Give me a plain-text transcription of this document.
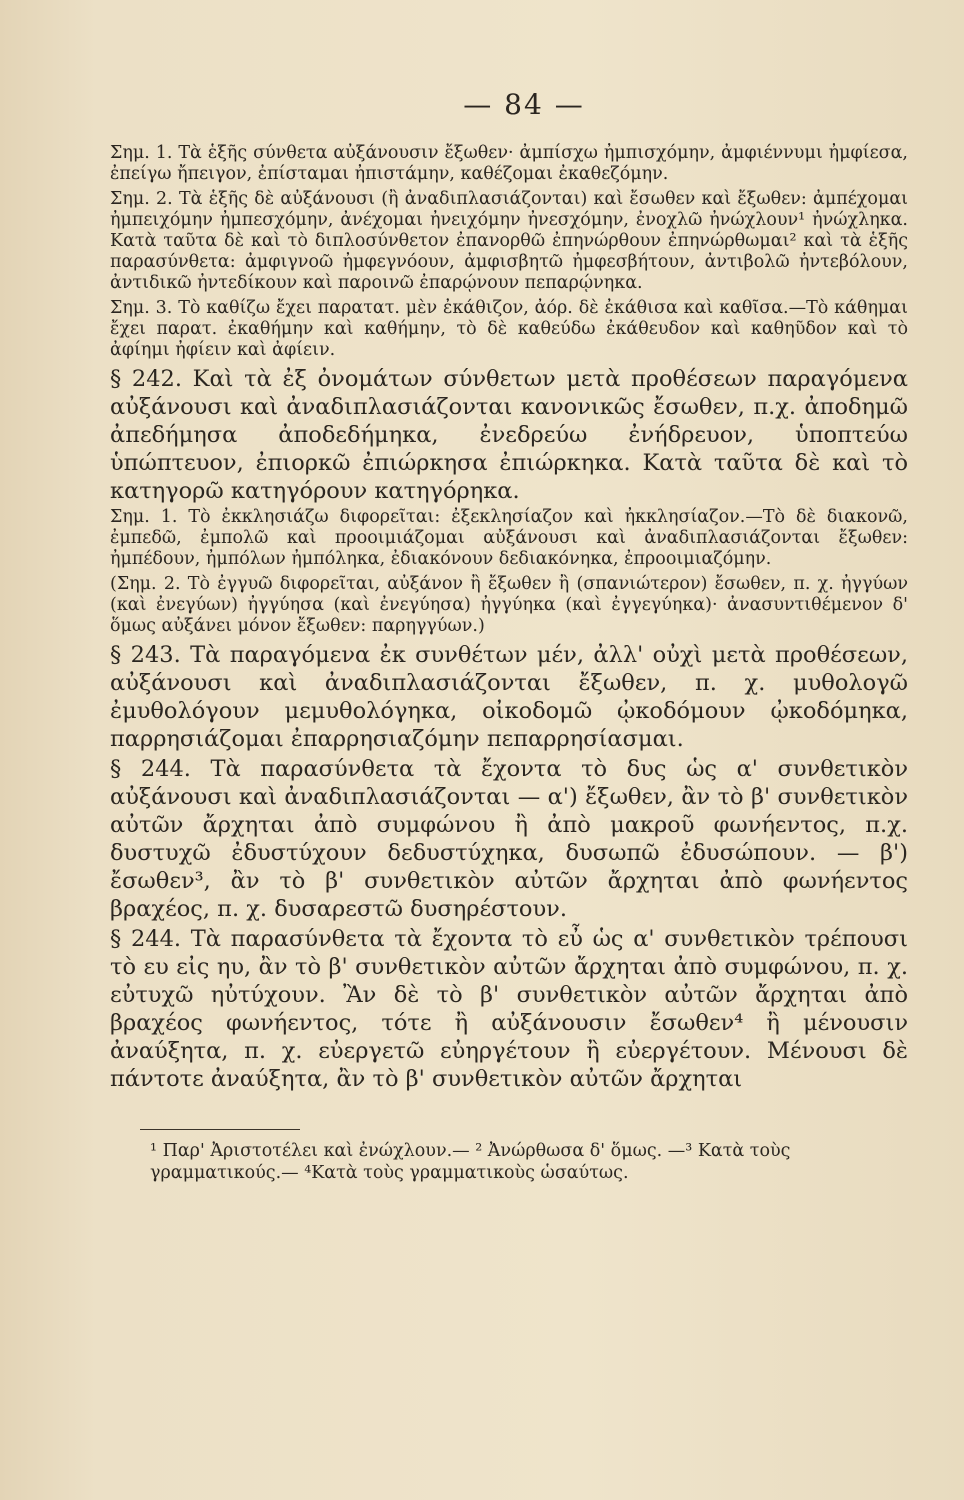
— 84 —

Σημ. 1. Τὰ ἑξῆς σύνθετα αὐξάνουσιν ἔξωθεν· ἀμπίσχω ἠμπισχόμην, ἀμφιέννυμι ἠμφίεσα, ἐπείγω ἤπειγον, ἐπίσταμαι ἠπιστάμην, καθέζομαι ἐκαθεζόμην.

Σημ. 2. Τὰ ἑξῆς δὲ αὐξάνουσι (ἢ ἀναδιπλασιάζονται) καὶ ἔσωθεν καὶ ἔξωθεν: ἀμπέχομαι ἠμπειχόμην ἠμπεσχόμην, ἀνέχομαι ἠνειχόμην ἠνεσχόμην, ἐνοχλῶ ἠνώχλουν¹ ἠνώχληκα. Κατὰ ταῦτα δὲ καὶ τὸ διπλοσύνθετον ἐπανορθῶ ἐπηνώρθουν ἐπηνώρθωμαι² καὶ τὰ ἑξῆς παρασύνθετα: ἀμφιγνοῶ ἠμφεγνόουν, ἀμφισβητῶ ἠμφεσβήτουν, ἀντιβολῶ ἠντεβόλουν, ἀντιδικῶ ἠντεδίκουν καὶ παροινῶ ἐπαρῴνουν πεπαρῴνηκα.

Σημ. 3. Τὸ καθίζω ἔχει παρατατ. μὲν ἐκάθιζον, ἀόρ. δὲ ἐκάθισα καὶ καθῖσα.—Τὸ κάθημαι ἔχει παρατ. ἐκαθήμην καὶ καθήμην, τὸ δὲ καθεύδω ἐκάθευδον καὶ καθηῦδον καὶ τὸ ἀφίημι ἠφίειν καὶ ἀφίειν.

§ 242. Καὶ τὰ ἐξ ὀνομάτων σύνθετων μετὰ προθέσεων παραγόμενα αὐξάνουσι καὶ ἀναδιπλασιάζονται κανονικῶς ἔσωθεν, π.χ. ἀποδημῶ ἀπεδήμησα ἀποδεδήμηκα, ἐνεδρεύω ἐνήδρευον, ὑποπτεύω ὑπώπτευον, ἐπιορκῶ ἐπιώρκησα ἐπιώρκηκα. Κατὰ ταῦτα δὲ καὶ τὸ κατηγορῶ κατηγόρουν κατηγόρηκα.

Σημ. 1. Τὸ ἐκκλησιάζω διφορεῖται: ἐξεκλησίαζον καὶ ἠκκλησίαζον.—Τὸ δὲ διακονῶ, ἐμπεδῶ, ἐμπολῶ καὶ προοιμιάζομαι αὐξάνουσι καὶ ἀναδιπλασιάζονται ἔξωθεν: ἠμπέδουν, ἠμπόλων ἠμπόληκα, ἐδιακόνουν δεδιακόνηκα, ἐπροοιμιαζόμην.

(Σημ. 2. Τὸ ἐγγυῶ διφορεῖται, αὐξάνον ἢ ἔξωθεν ἢ (σπανιώτερον) ἔσωθεν, π. χ. ἠγγύων (καὶ ἐνεγύων) ἠγγύησα (καὶ ἐνεγύησα) ἠγγύηκα (καὶ ἐγγεγύηκα)· ἀνασυντιθέμενον δ' ὅμως αὐξάνει μόνον ἔξωθεν: παρηγγύων.)

§ 243. Τὰ παραγόμενα ἐκ συνθέτων μέν, ἀλλ' οὐχὶ μετὰ προθέσεων, αὐξάνουσι καὶ ἀναδιπλασιάζονται ἔξωθεν, π. χ. μυθολογῶ ἐμυθολόγουν μεμυθολόγηκα, οἰκοδομῶ ᾠκοδόμουν ᾠκοδόμηκα, παρρησιάζομαι ἐπαρρησιαζόμην πεπαρρησίασμαι.

§ 244. Τὰ παρασύνθετα τὰ ἔχοντα τὸ δυς ὡς α' συνθετικὸν αὐξάνουσι καὶ ἀναδιπλασιάζονται — α') ἔξωθεν, ἂν τὸ β' συνθετικὸν αὐτῶν ἄρχηται ἀπὸ συμφώνου ἢ ἀπὸ μακροῦ φωνήεντος, π.χ. δυστυχῶ ἐδυστύχουν δεδυστύχηκα, δυσωπῶ ἐδυσώπουν. — β') ἔσωθεν³, ἂν τὸ β' συνθετικὸν αὐτῶν ἄρχηται ἀπὸ φωνήεντος βραχέος, π. χ. δυσαρεστῶ δυσηρέστουν.

§ 244. Τὰ παρασύνθετα τὰ ἔχοντα τὸ εὖ ὡς α' συνθετικὸν τρέπουσι τὸ ευ εἰς ηυ, ἂν τὸ β' συνθετικὸν αὐτῶν ἄρχηται ἀπὸ συμφώνου, π. χ. εὐτυχῶ ηὐτύχουν. Ἂν δὲ τὸ β' συνθετικὸν αὐτῶν ἄρχηται ἀπὸ βραχέος φωνήεντος, τότε ἢ αὐξάνουσιν ἔσωθεν⁴ ἢ μένουσιν ἀναύξητα, π. χ. εὐεργετῶ εὐηργέτουν ἢ εὐεργέτουν. Μένουσι δὲ πάντοτε ἀναύξητα, ἂν τὸ β' συνθετικὸν αὐτῶν ἄρχηται

¹ Παρ' Ἀριστοτέλει καὶ ἐνώχλουν.— ² Ἀνώρθωσα δ' ὅμως. —³ Κατὰ τοὺς γραμματικούς.— ⁴Κατὰ τοὺς γραμματικοὺς ὡσαύτως.
